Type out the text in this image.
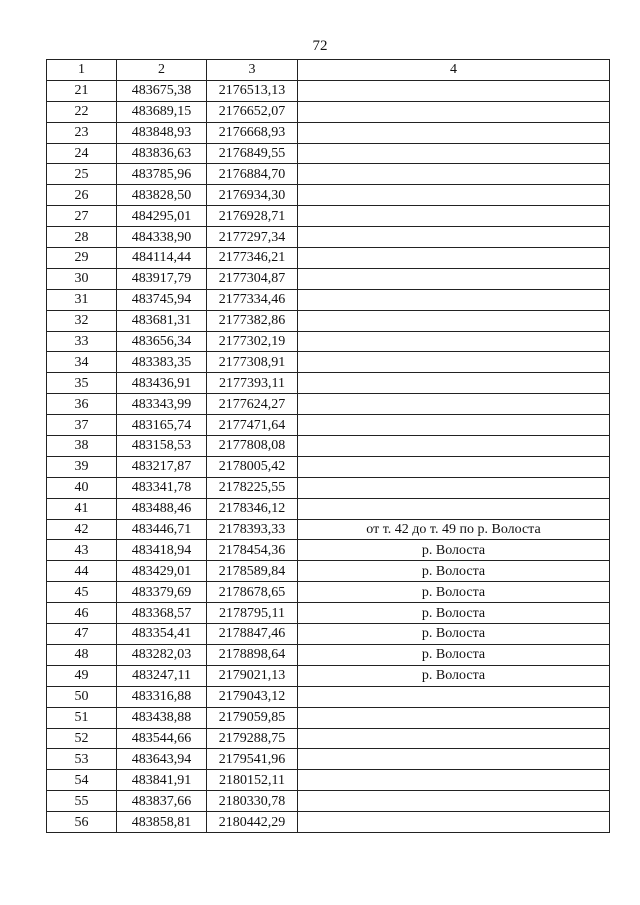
72
1	2	3	4
21	483675,38	2176513,13	
22	483689,15	2176652,07	
23	483848,93	2176668,93	
24	483836,63	2176849,55	
25	483785,96	2176884,70	
26	483828,50	2176934,30	
27	484295,01	2176928,71	
28	484338,90	2177297,34	
29	484114,44	2177346,21	
30	483917,79	2177304,87	
31	483745,94	2177334,46	
32	483681,31	2177382,86	
33	483656,34	2177302,19	
34	483383,35	2177308,91	
35	483436,91	2177393,11	
36	483343,99	2177624,27	
37	483165,74	2177471,64	
38	483158,53	2177808,08	
39	483217,87	2178005,42	
40	483341,78	2178225,55	
41	483488,46	2178346,12	
42	483446,71	2178393,33	от т. 42 до т. 49 по р. Волоста
43	483418,94	2178454,36	р. Волоста
44	483429,01	2178589,84	р. Волоста
45	483379,69	2178678,65	р. Волоста
46	483368,57	2178795,11	р. Волоста
47	483354,41	2178847,46	р. Волоста
48	483282,03	2178898,64	р. Волоста
49	483247,11	2179021,13	р. Волоста
50	483316,88	2179043,12	
51	483438,88	2179059,85	
52	483544,66	2179288,75	
53	483643,94	2179541,96	
54	483841,91	2180152,11	
55	483837,66	2180330,78	
56	483858,81	2180442,29	
